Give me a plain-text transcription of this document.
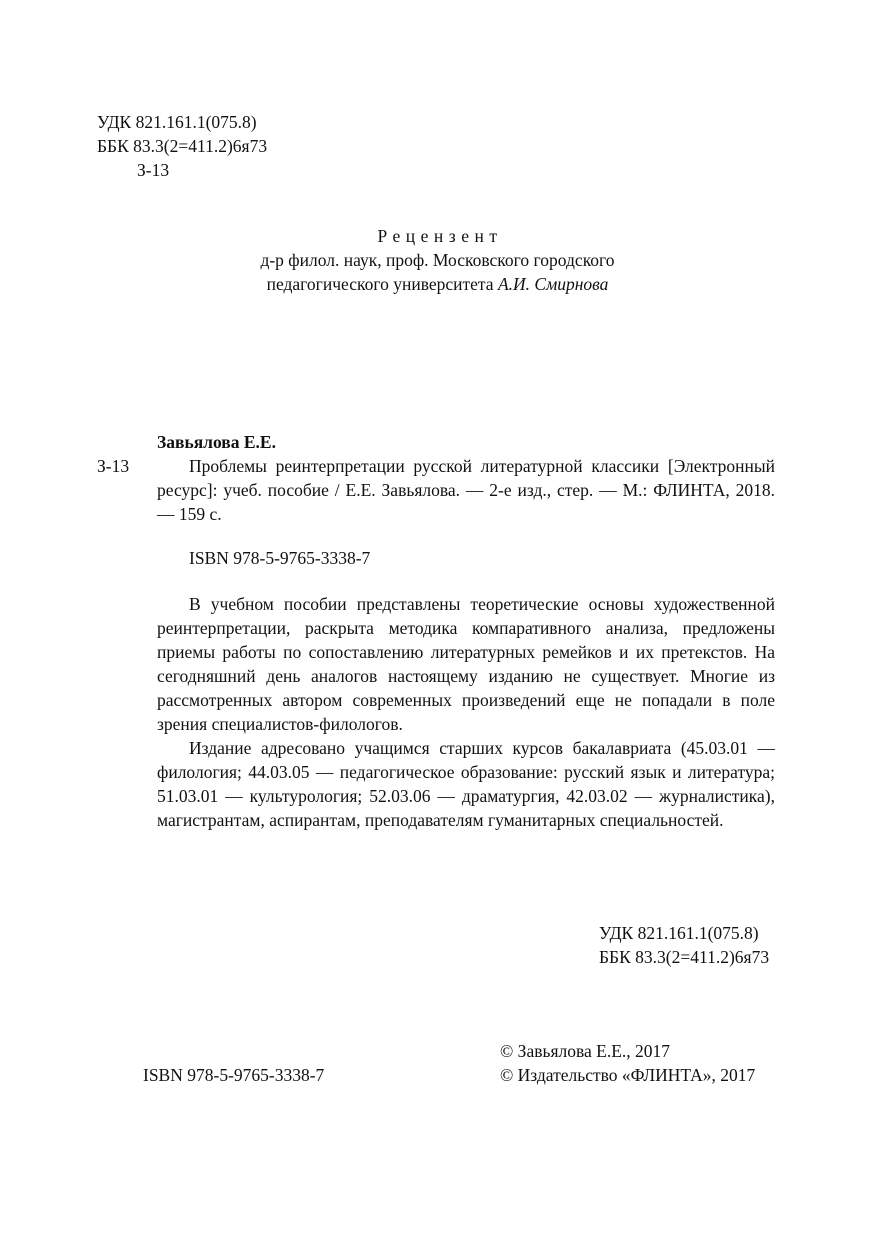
УДК 821.161.1(075.8)
ББК 83.3(2=411.2)6я73
З-13
Рецензент
д-р филол. наук, проф. Московского городского
педагогического университета А.И. Смирнова
Завьялова Е.Е.
З-13	Проблемы реинтерпретации русской литературной классики [Электронный ресурс]: учеб. пособие / Е.Е. Завьялова. — 2-е изд., стер. — М.: ФЛИНТА, 2018. — 159 с.

ISBN 978-5-9765-3338-7

В учебном пособии представлены теоретические основы художественной реинтерпретации, раскрыта методика компаративного анализа, предложены приемы работы по сопоставлению литературных ремейков и их претекстов. На сегодняшний день аналогов настоящему изданию не существует. Многие из рассмотренных автором современных произведений еще не попадали в поле зрения специалистов-филологов.

Издание адресовано учащимся старших курсов бакалавриата (45.03.01 — филология; 44.03.05 — педагогическое образование: русский язык и литература; 51.03.01 — культурология; 52.03.06 — драматургия, 42.03.02 — журналистика), магистрантам, аспирантам, преподавателям гуманитарных специальностей.

УДК 821.161.1(075.8)
ББК 83.3(2=411.2)6я73
ISBN 978-5-9765-3338-7
© Завьялова Е.Е., 2017
© Издательство «ФЛИНТА», 2017
